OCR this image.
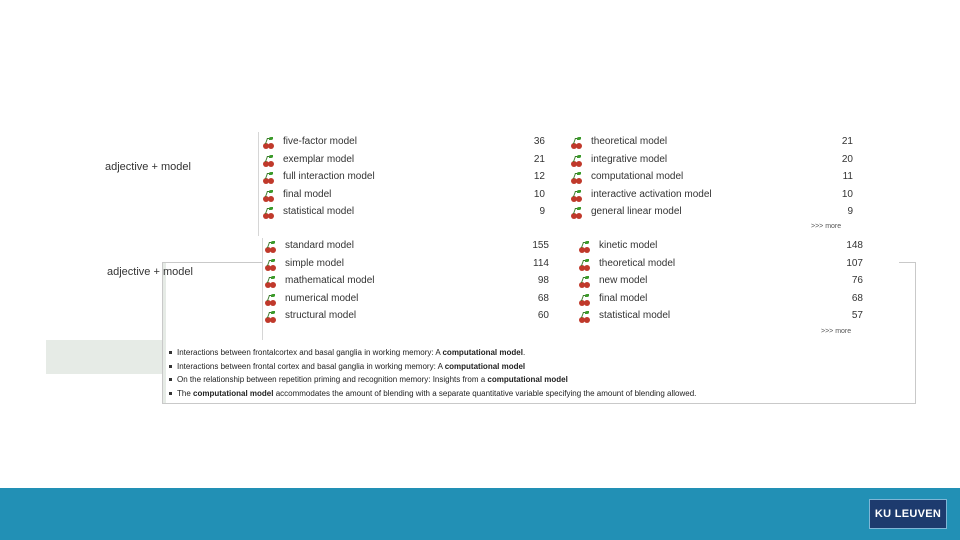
Interactions between frontalcortex and basal ganglia in working memory: A computational model.
Interactions between frontal cortex and basal ganglia in working memory: A computational model
On the relationship between repetition priming and recognition memory: Insights from a computational model
The computational model accommodates the amount of blending with a separate quantitative variable specifying the amount of blending allowed.
adjective + model
five-factor model	36
exemplar model	21
full interaction model	12
final model	10
statistical model	9
theoretical model	21
integrative model	20
computational model	11
interactive activation model	10
general linear model	9
>>> more
adjective + model
standard model	155
simple model	114
mathematical model	98
numerical model	68
structural model	60
kinetic model	148
theoretical model	107
new model	76
final model	68
statistical model	57
>>> more
KU LEUVEN
